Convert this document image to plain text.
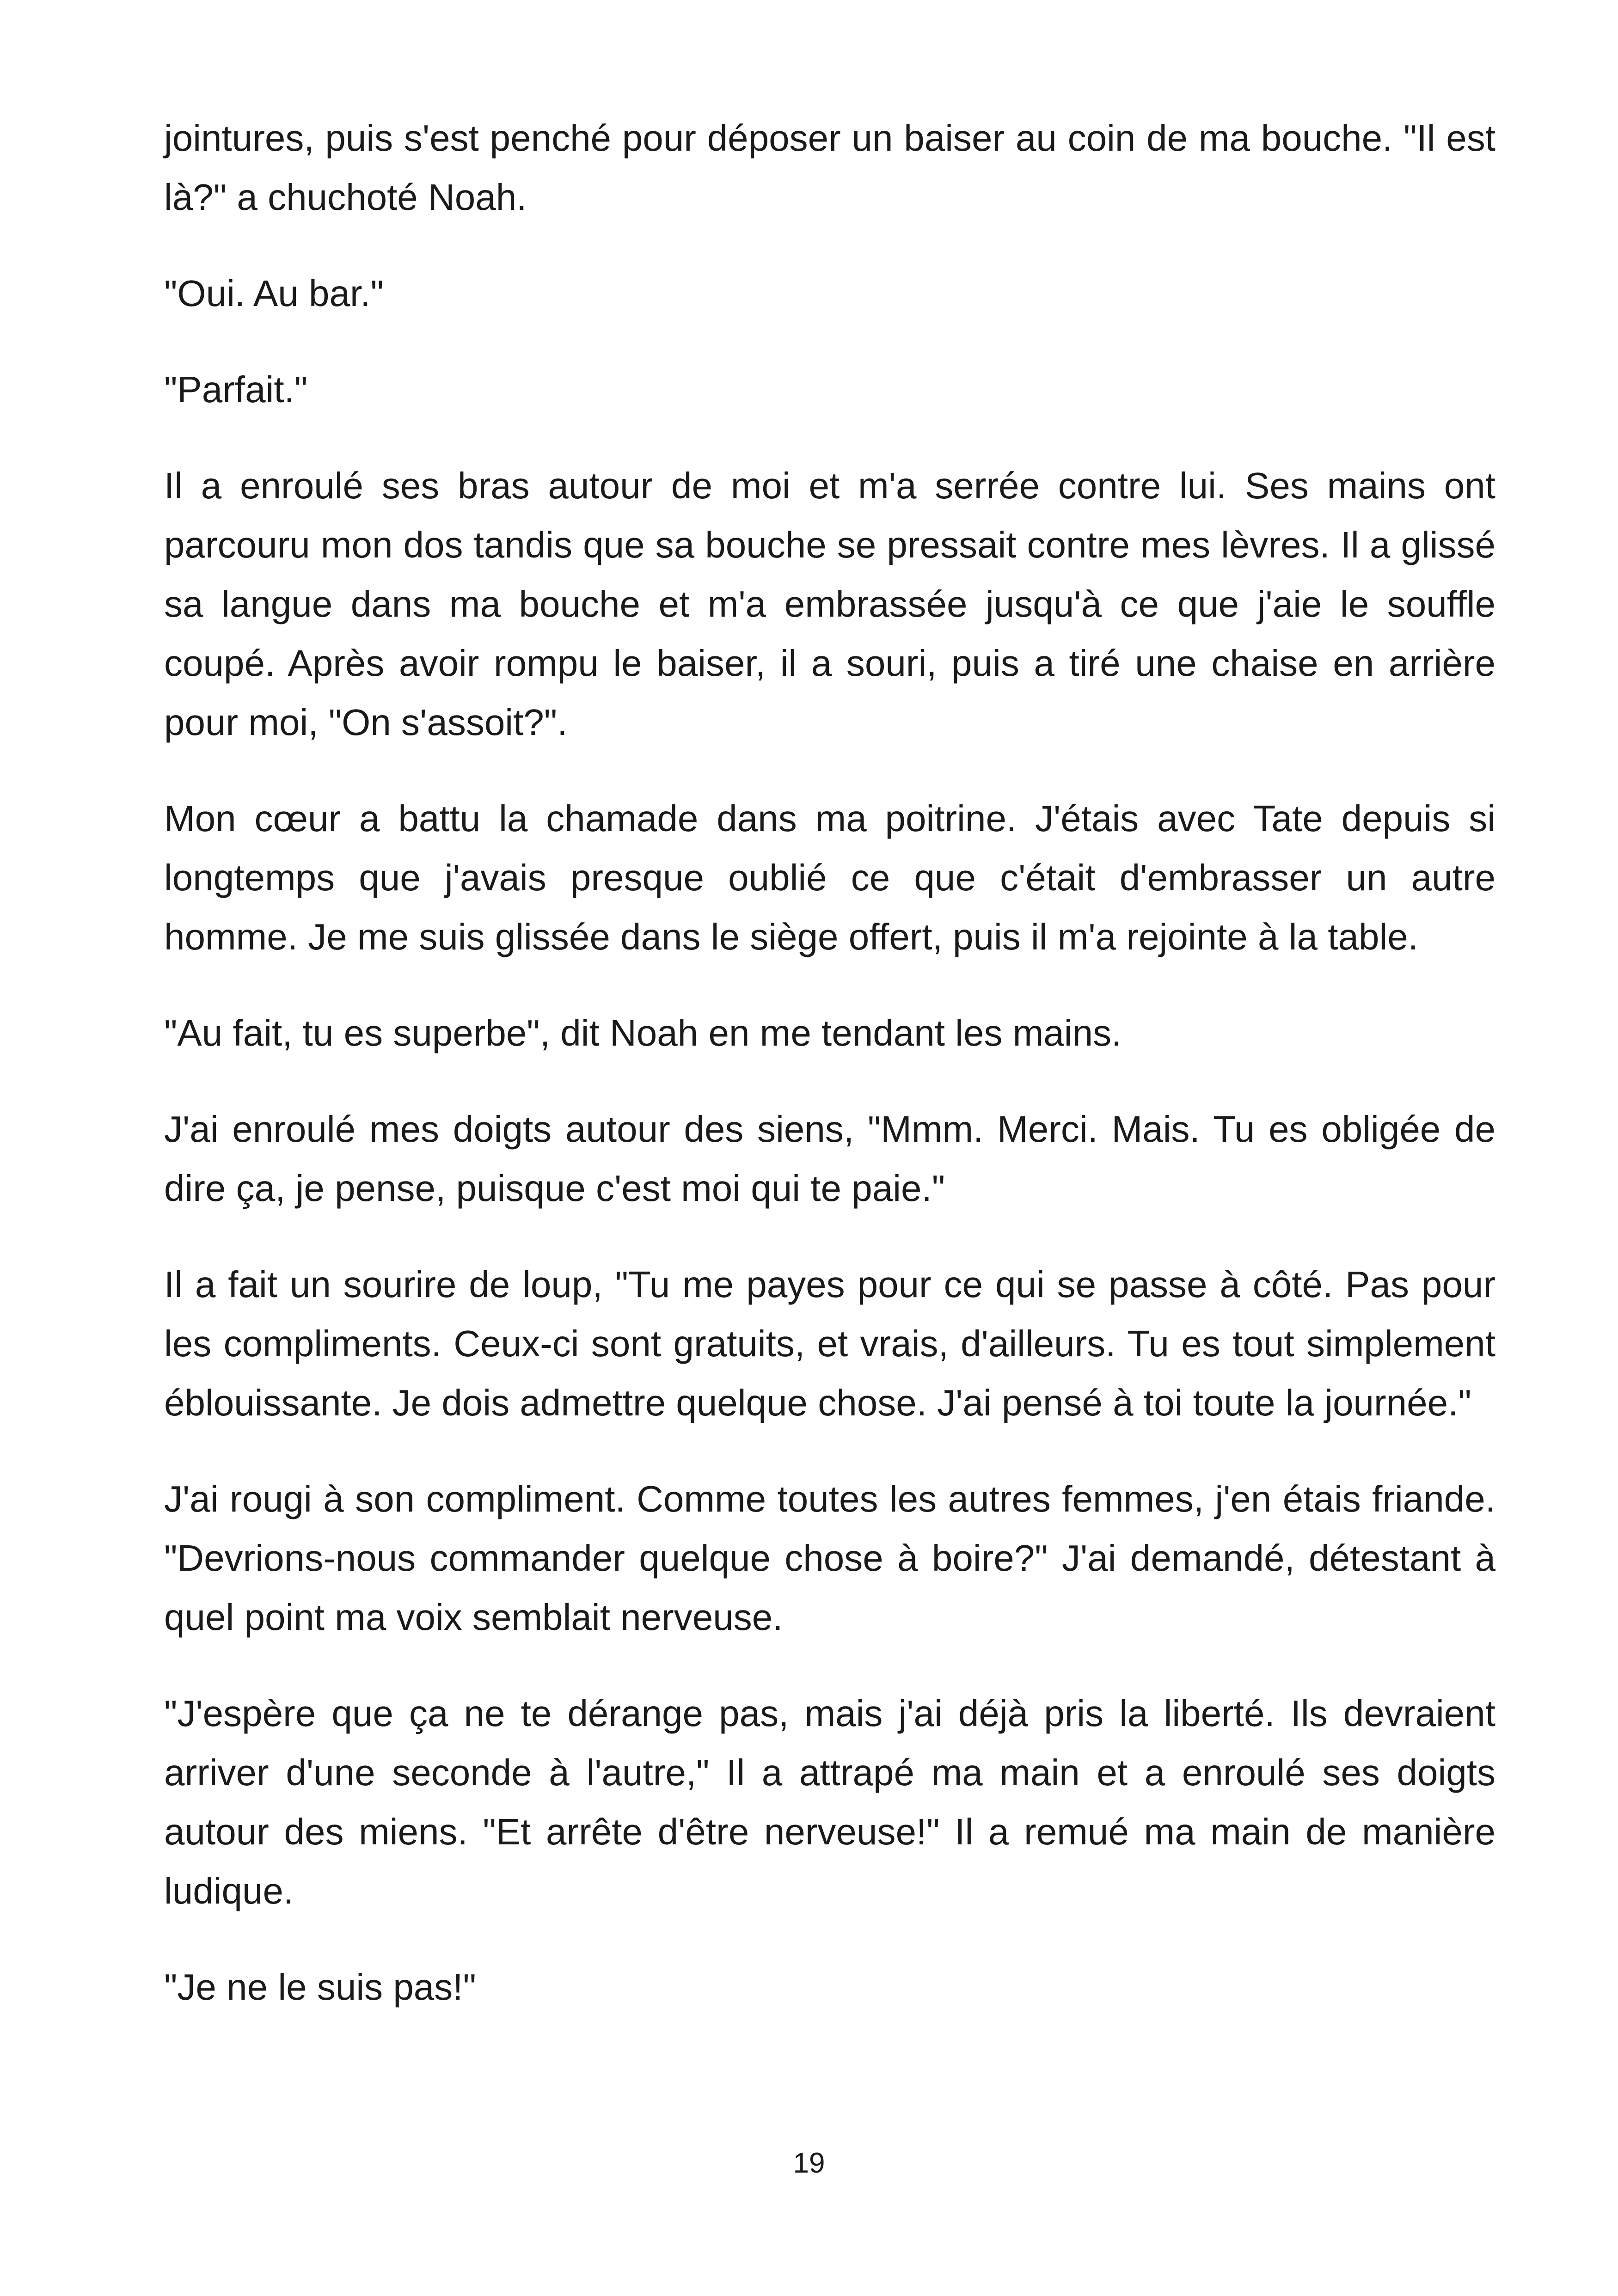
jointures, puis s'est penché pour déposer un baiser au coin de ma bouche. "Il est là?" a chuchoté Noah.

"Oui. Au bar."

"Parfait."

Il a enroulé ses bras autour de moi et m'a serrée contre lui. Ses mains ont parcouru mon dos tandis que sa bouche se pressait contre mes lèvres. Il a glissé sa langue dans ma bouche et m'a embrassée jusqu'à ce que j'aie le souffle coupé. Après avoir rompu le baiser, il a souri, puis a tiré une chaise en arrière pour moi, "On s'assoit?".

Mon cœur a battu la chamade dans ma poitrine. J'étais avec Tate depuis si longtemps que j'avais presque oublié ce que c'était d'embrasser un autre homme. Je me suis glissée dans le siège offert, puis il m'a rejointe à la table.

"Au fait, tu es superbe", dit Noah en me tendant les mains.

J'ai enroulé mes doigts autour des siens, "Mmm. Merci. Mais. Tu es obligée de dire ça, je pense, puisque c'est moi qui te paie."

Il a fait un sourire de loup, "Tu me payes pour ce qui se passe à côté. Pas pour les compliments. Ceux-ci sont gratuits, et vrais, d'ailleurs. Tu es tout simplement éblouissante. Je dois admettre quelque chose. J'ai pensé à toi toute la journée."

J'ai rougi à son compliment. Comme toutes les autres femmes, j'en étais friande. "Devrions-nous commander quelque chose à boire?" J'ai demandé, détestant à quel point ma voix semblait nerveuse.

"J'espère que ça ne te dérange pas, mais j'ai déjà pris la liberté. Ils devraient arriver d'une seconde à l'autre," Il a attrapé ma main et a enroulé ses doigts autour des miens. "Et arrête d'être nerveuse!" Il a remué ma main de manière ludique.

"Je ne le suis pas!"

19
